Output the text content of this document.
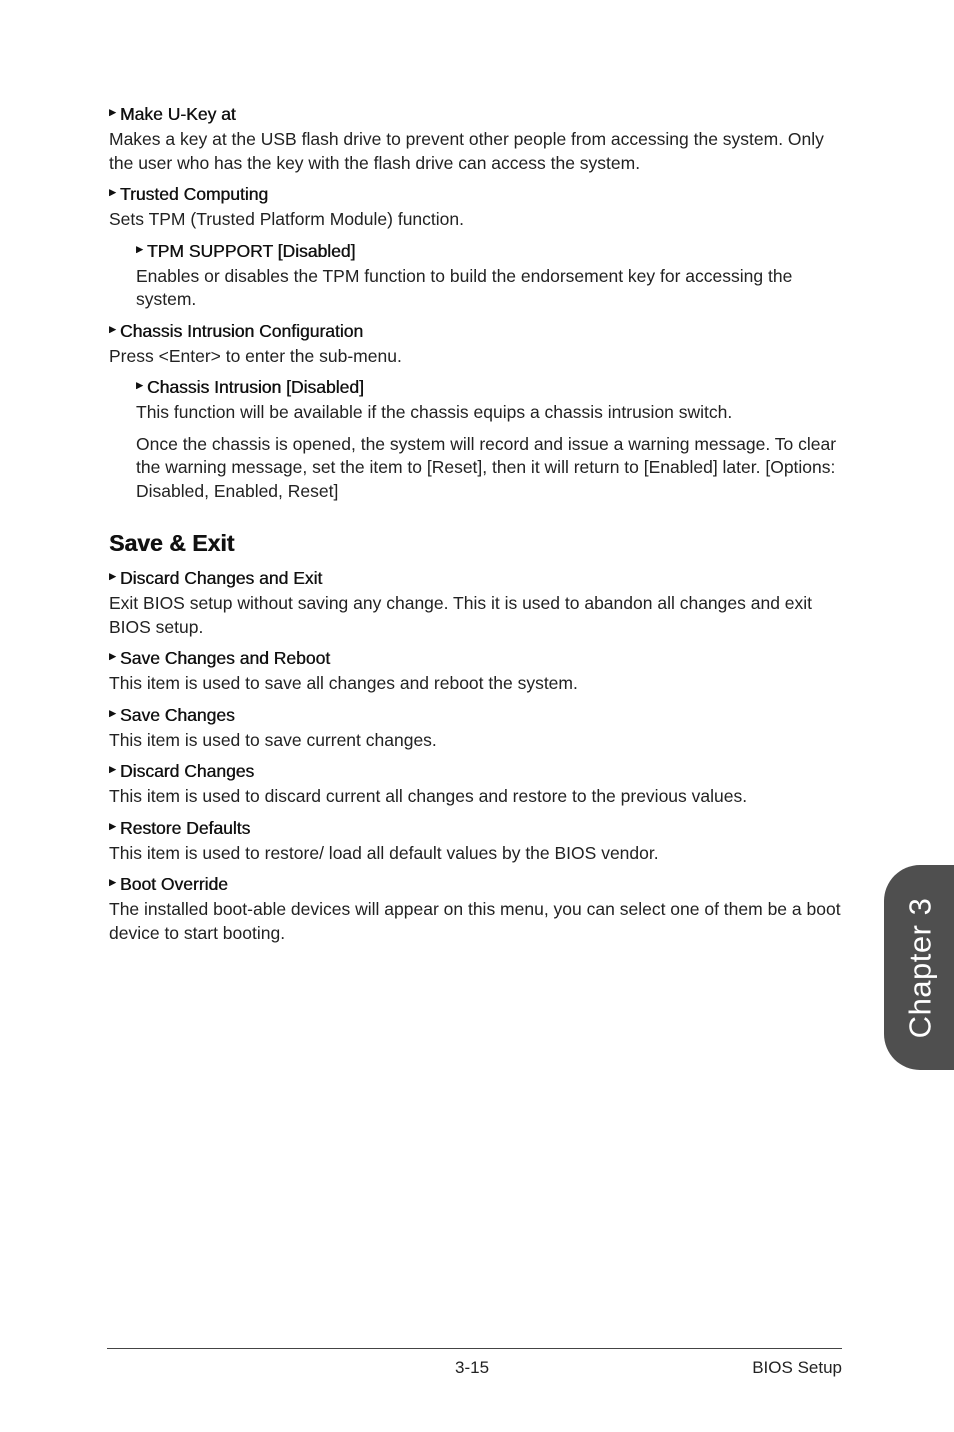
▶ Make U-Key at

Makes a key at the USB flash drive to prevent other people from accessing the system. Only the user who has the key with the flash drive can access the system.

▶ Trusted Computing

Sets TPM (Trusted Platform Module) function.

▶ TPM SUPPORT [Disabled]

Enables or disables the TPM function to build the endorsement key for accessing the system.

▶ Chassis Intrusion Configuration

Press <Enter> to enter the sub-menu.

▶ Chassis Intrusion [Disabled]

This function will be available if the chassis equips a chassis intrusion switch.

Once the chassis is opened, the system will record and issue a warning message. To clear the warning message, set the item to [Reset], then it will return to [Enabled] later. [Options: Disabled, Enabled, Reset]

Save & Exit
▶ Discard Changes and Exit

Exit BIOS setup without saving any change. This it is used to abandon all changes and exit BIOS setup.

▶ Save Changes and Reboot

This item is used to save all changes and reboot the system.

▶ Save Changes

This item is used to save current changes.

▶ Discard Changes

This item is used to discard current all changes and restore to the previous values.

▶ Restore Defaults

This item is used to restore/ load all default values by the BIOS vendor.

▶ Boot Override

The installed boot-able devices will appear on this menu, you can select one of them be a boot device to start booting.	Chapter 3
3-15	BIOS Setup
